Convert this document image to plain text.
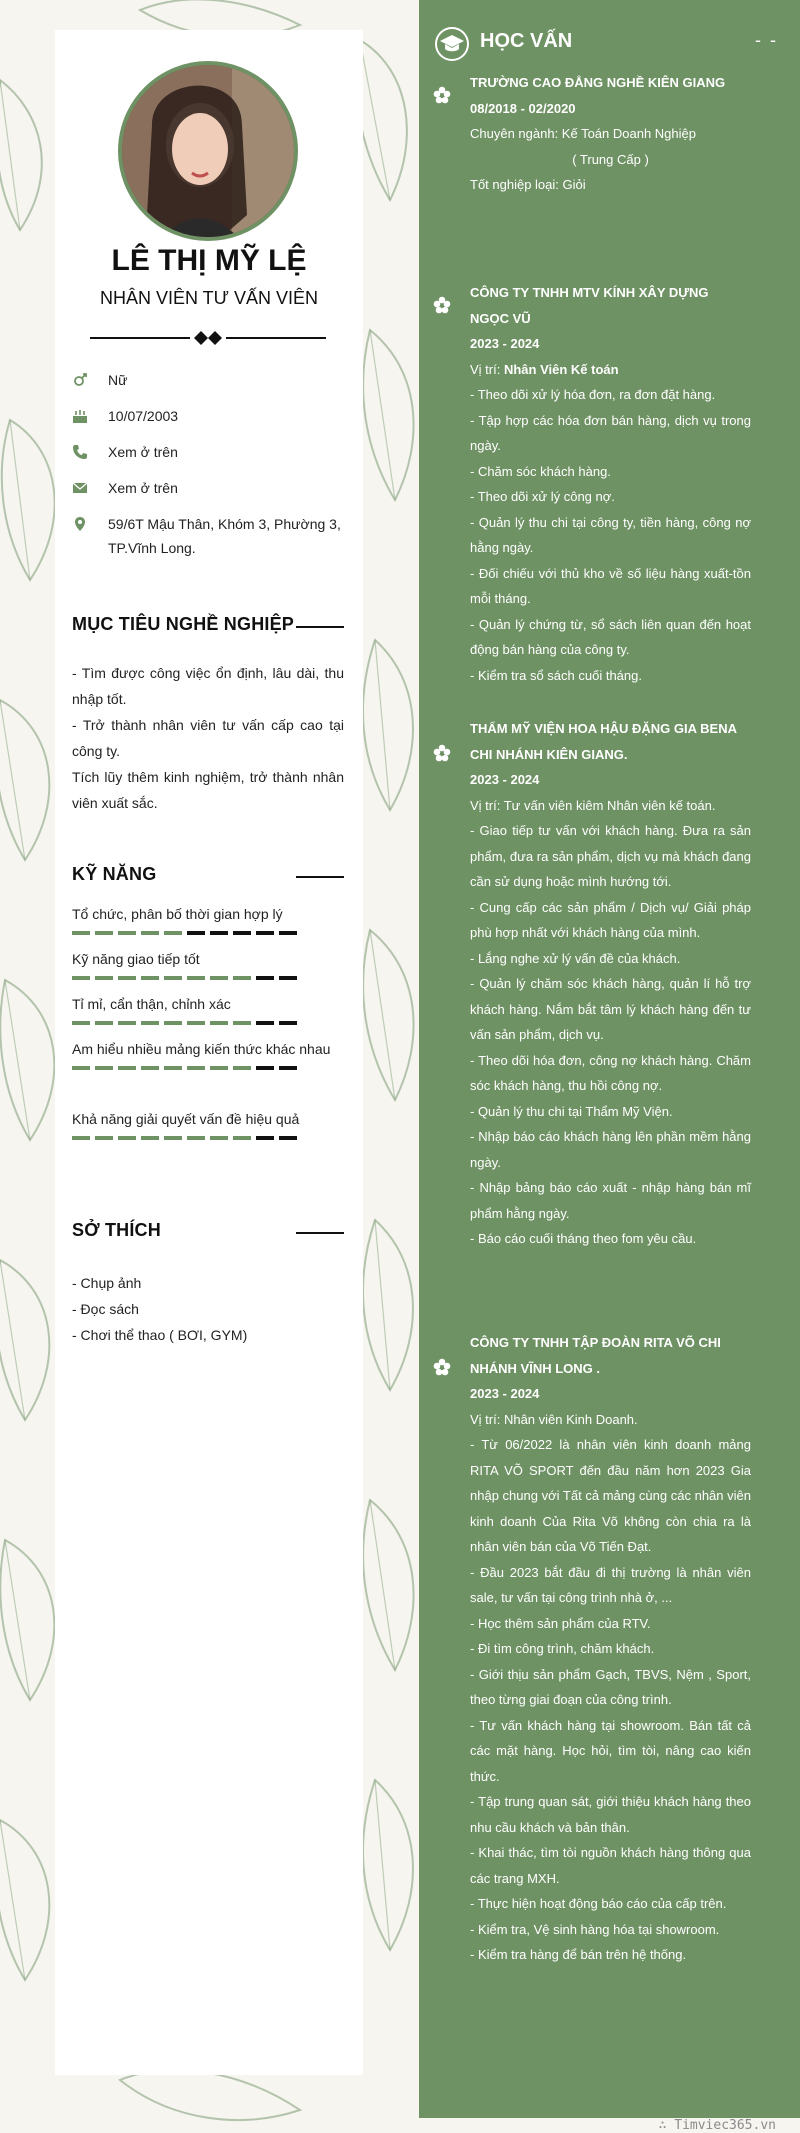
LÊ THỊ MỸ LỆ
NHÂN VIÊN TƯ VẤN VIÊN
Nữ
10/07/2003
Xem ở trên
Xem ở trên
59/6T Mậu Thân, Khóm 3, Phường 3, TP.Vĩnh Long.
MỤC TIÊU NGHỀ NGHIỆP
- Tìm được công việc ổn định, lâu dài, thu nhập tốt.
- Trở thành nhân viên tư vấn cấp cao tại công ty.
Tích lũy thêm kinh nghiệm, trở thành nhân viên xuất sắc.
KỸ NĂNG
Tổ chức, phân bố thời gian hợp lý
Kỹ năng giao tiếp tốt
Tỉ mỉ, cẩn thận, chỉnh xác
Am hiểu nhiều mảng kiến thức khác nhau
Khả năng giải quyết vấn đề hiệu quả
SỞ THÍCH
- Chụp ảnh
- Đọc sách
- Chơi thể thao ( BƠI, GYM)
HỌC VẤN	- -
TRƯỜNG CAO ĐẲNG NGHỀ KIÊN GIANG
08/2018 - 02/2020
Chuyên ngành: Kế Toán Doanh Nghiệp
( Trung Cấp )
Tốt nghiệp loại: Giỏi
CÔNG TY TNHH MTV KÍNH XÂY DỰNG NGỌC VŨ
2023 - 2024
Vị trí: Nhân Viên Kế toán

- Theo dõi xử lý hóa đơn, ra đơn đặt hàng.

- Tập hợp các hóa đơn bán hàng, dịch vụ trong ngày.

- Chăm sóc khách hàng.

- Theo dõi xử lý công nợ.

- Quản lý thu chi tại công ty, tiền hàng, công nợ hằng ngày.

- Đối chiếu với thủ kho về số liệu hàng xuất-tồn mỗi tháng.

- Quản lý chứng từ, sổ sách liên quan đến hoạt động bán hàng của công ty.

- Kiểm tra sổ sách cuối tháng.

THẨM MỸ VIỆN HOA HẬU ĐẶNG GIA BENA CHI NHÁNH KIÊN GIANG.
2023 - 2024
Vị trí: Tư vấn viên kiêm Nhân viên kế toán.

- Giao tiếp tư vấn với khách hàng. Đưa ra sản phẩm, đưa ra sản phẩm, dịch vụ mà khách đang cần sử dụng hoặc mình hướng tới.

- Cung cấp các sản phẩm / Dịch vụ/ Giải pháp phù hợp nhất với khách hàng của mình.

- Lắng nghe xử lý vấn đề của khách.

- Quản lý chăm sóc khách hàng, quản lí hỗ trợ khách hàng. Nắm bắt tâm lý khách hàng đến tư vấn sản phẩm, dịch vụ.

- Theo dõi hóa đơn, công nợ khách hàng. Chăm sóc khách hàng, thu hồi công nợ.

- Quản lý thu chi tại Thẩm Mỹ Viện.

- Nhập báo cáo khách hàng lên phần mềm hằng ngày.

- Nhập bảng báo cáo xuất - nhập hàng bán mĩ phẩm hằng ngày.

- Báo cáo cuối tháng theo fom yêu cầu.

CÔNG TY TNHH TẬP ĐOÀN RITA VÕ CHI NHÁNH VĨNH LONG .
2023 - 2024
Vị trí: Nhân viên Kinh Doanh.

- Từ 06/2022 là nhân viên kinh doanh mảng RITA VÕ SPORT đến đầu năm hơn 2023 Gia nhập chung với Tất cả mảng cùng các nhân viên kinh doanh Của Rita Võ không còn chia ra là nhân viên bán của Võ Tiến Đạt.

- Đầu 2023 bắt đầu đi thị trường là nhân viên sale, tư vấn tại công trình nhà ở, ...

- Học thêm sản phẩm của RTV.

- Đi tìm công trình, chăm khách.

- Giới thịu sản phẩm Gạch, TBVS, Nệm , Sport, theo từng giai đoạn của công trình.

- Tư vấn khách hàng tại showroom. Bán tất cả các mặt hàng. Học hỏi, tìm tòi, nâng cao kiến thức.

- Tập trung quan sát, giới thiệu khách hàng theo nhu cầu khách và bản thân.

- Khai thác, tìm tòi nguồn khách hàng thông qua các trang MXH.

- Thực hiện hoạt động báo cáo của cấp trên.

- Kiểm tra, Vệ sinh hàng hóa tại showroom.

- Kiểm tra hàng để bán trên hệ thống.

∴ Timviec365.vn
